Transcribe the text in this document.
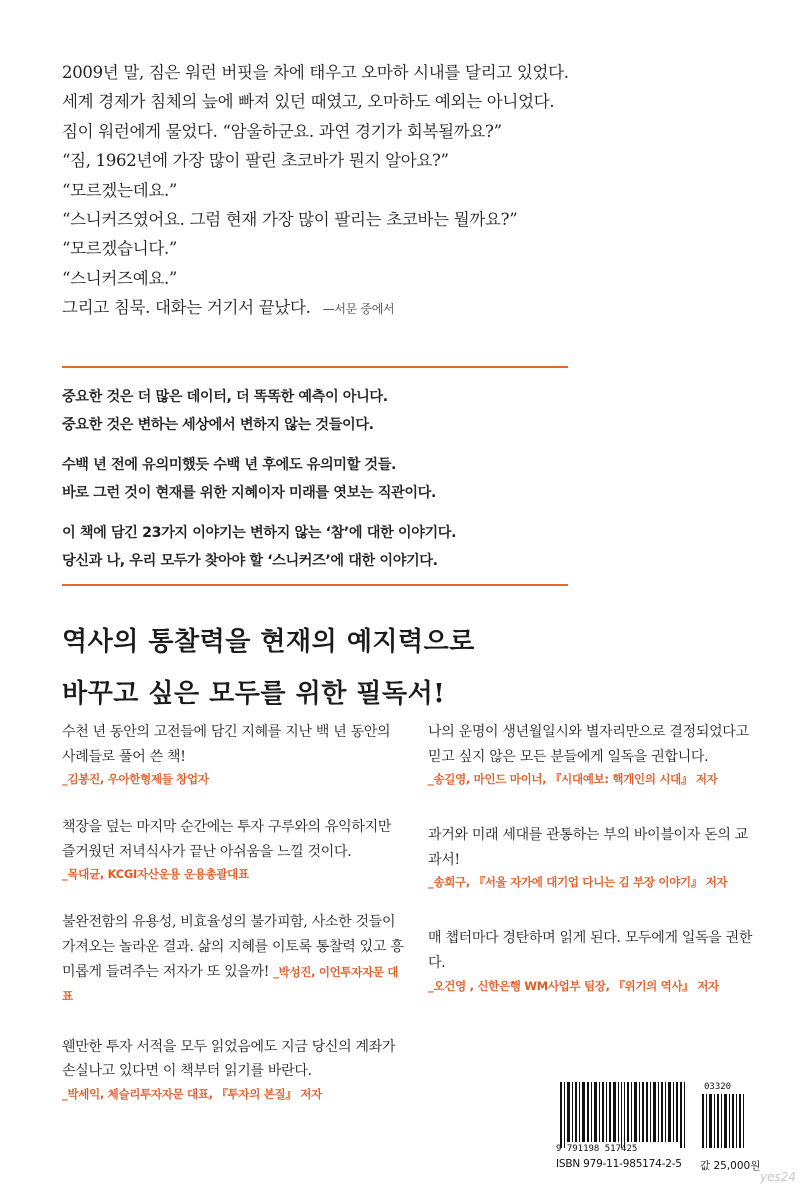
2009년 말, 짐은 워런 버핏을 차에 태우고 오마하 시내를 달리고 있었다.

세계 경제가 침체의 늪에 빠져 있던 때였고, 오마하도 예외는 아니었다.

짐이 워런에게 물었다. “암울하군요. 과연 경기가 회복될까요?”

“짐, 1962년에 가장 많이 팔린 초코바가 뭔지 알아요?”

“모르겠는데요.”

“스니커즈였어요. 그럼 현재 가장 많이 팔리는 초코바는 뭘까요?”

“모르겠습니다.”

“스니커즈예요.”

그리고 침묵. 대화는 거기서 끝났다. —서문 중에서

중요한 것은 더 많은 데이터, 더 똑똑한 예측이 아니다.
중요한 것은 변하는 세상에서 변하지 않는 것들이다.

수백 년 전에 유의미했듯 수백 년 후에도 유의미할 것들.
바로 그런 것이 현재를 위한 지혜이자 미래를 엿보는 직관이다.

이 책에 담긴 23가지 이야기는 변하지 않는 ‘참’에 대한 이야기다.
당신과 나, 우리 모두가 찾아야 할 ‘스니커즈’에 대한 이야기다.

역사의 통찰력을 현재의 예지력으로

바꾸고 싶은 모두를 위한 필독서!

수천 년 동안의 고전들에 담긴 지혜를 지난 백 년 동안의 사례들로 풀어 쓴 책!

_김봉진, 우아한형제들 창업자

책장을 덮는 마지막 순간에는 투자 구루와의 유익하지만 즐거웠던 저녁식사가 끝난 아쉬움을 느낄 것이다.

_목대균, KCGI자산운용 운용총괄대표

불완전함의 유용성, 비효율성의 불가피함, 사소한 것들이 가져오는 놀라운 결과. 삶의 지혜를 이토록 통찰력 있고 흥미롭게 들려주는 저자가 또 있을까! _박성진, 이언투자자문 대표

웬만한 투자 서적을 모두 읽었음에도 지금 당신의 계좌가 손실나고 있다면 이 책부터 읽기를 바란다.

_박세익, 체슬리투자자문 대표, 『투자의 본질』 저자

나의 운명이 생년월일시와 별자리만으로 결정되었다고 믿고 싶지 않은 모든 분들에게 일독을 권합니다.

_송길영, 마인드 마이너, 『시대예보: 핵개인의 시대』 저자

과거와 미래 세대를 관통하는 부의 바이블이자 돈의 교과서!

_송희구, 『서울 자가에 대기업 다니는 김 부장 이야기』 저자

매 챕터마다 경탄하며 읽게 된다. 모두에게 일독을 권한다.

_오건영 , 신한은행 WM사업부 팀장, 『위기의 역사』 저자
03320
9 791198 517425
ISBN 979-11-985174-2-5 값 25,000원
yes24
